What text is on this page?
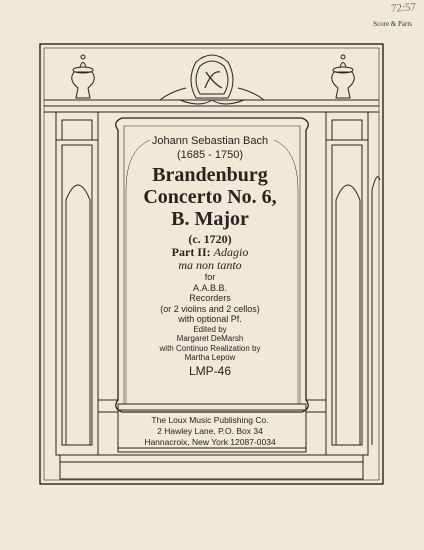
72:57
Score & Parts
Johann Sebastian Bach
(1685 - 1750)
Brandenburg
Concerto No. 6,
B. Major
(c. 1720)
Part II: Adagio
ma non tanto
for
A.A.B.B.
Recorders
(or 2 violins and 2 cellos)
with optional Pf.
Edited by
Margaret DeMarsh
with Continuo Realization by
Martha Lepow
LMP-46
The Loux Music Publishing Co.
2 Hawley Lane, P.O. Box 34
Hannacroix, New York 12087-0034
